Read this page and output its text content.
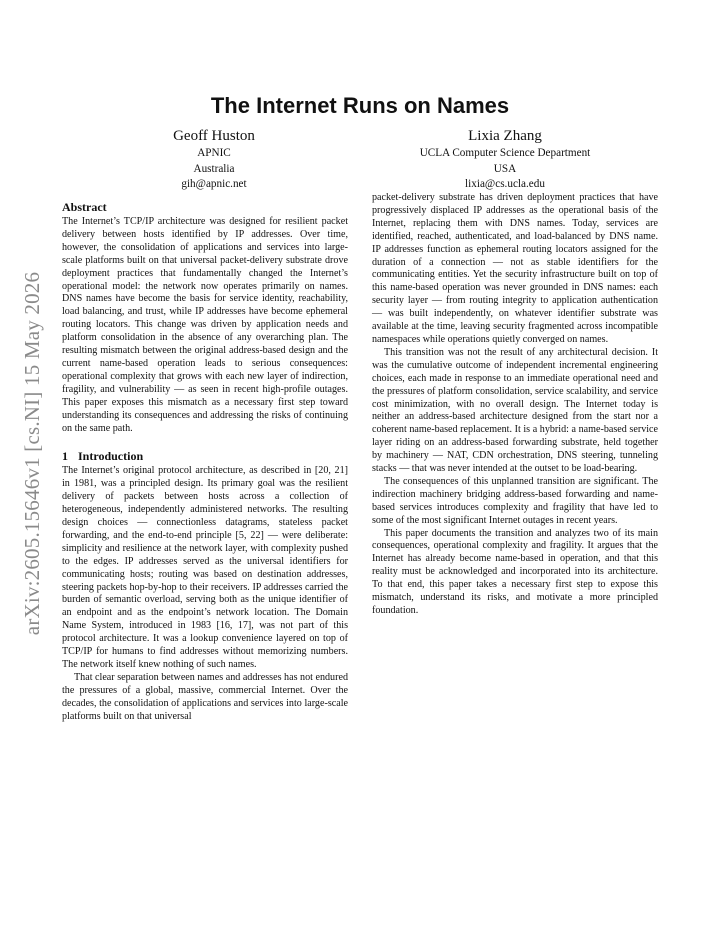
arXiv:2605.15646v1 [cs.NI] 15 May 2026
The Internet Runs on Names
Geoff Huston
APNIC
Australia
gih@apnic.net
Lixia Zhang
UCLA Computer Science Department
USA
lixia@cs.ucla.edu
Abstract

The Internet’s TCP/IP architecture was designed for resilient packet delivery between hosts identified by IP addresses. Over time, however, the consolidation of applications and services into large-scale platforms built on that universal packet-delivery substrate drove deployment practices that fundamentally changed the Internet’s operational model: the network now operates primarily on names. DNS names have become the basis for service identity, reachability, load balancing, and trust, while IP addresses have become ephemeral routing locators. This change was driven by application needs and platform consolidation in the absence of any overarching plan. The resulting mismatch between the original address-based design and the current name-based operation leads to serious consequences: operational complexity that grows with each new layer of indirection, fragility, and vulnerability — as seen in recent high-profile outages. This paper exposes this mismatch as a necessary first step toward understanding its consequences and addressing the risks of continuing on the same path.

1 Introduction

The Internet’s original protocol architecture, as described in [20, 21] in 1981, was a principled design. Its primary goal was the resilient delivery of packets between hosts across a collection of heterogeneous, independently administered networks. The resulting design choices — connectionless datagrams, stateless packet forwarding, and the end-to-end principle [5, 22] — were deliberate: simplicity and resilience at the network layer, with complexity pushed to the edges. IP addresses served as the universal identifiers for communicating hosts; routing was based on destination addresses, steering packets hop-by-hop to their receivers. IP addresses carried the burden of semantic overload, serving both as the unique identifier of an endpoint and as the endpoint’s network location. The Domain Name System, introduced in 1983 [16, 17], was not part of this protocol architecture. It was a lookup convenience layered on top of TCP/IP for humans to find addresses without memorizing numbers. The network itself knew nothing of such names.

That clear separation between names and addresses has not endured the pressures of a global, massive, commercial Internet. Over the decades, the consolidation of applications and services into large-scale platforms built on that universal

packet-delivery substrate has driven deployment practices that have progressively displaced IP addresses as the operational basis of the Internet, replacing them with DNS names. Today, services are identified, reached, authenticated, and load-balanced by DNS name. IP addresses function as ephemeral routing locators assigned for the duration of a connection — not as stable identifiers for the communicating entities. Yet the security infrastructure built on top of this name-based operation was never grounded in DNS names: each security layer — from routing integrity to application authentication — was built independently, on whatever identifier substrate was available at the time, leaving security fragmented across incompatible namespaces while operations quietly converged on names.

This transition was not the result of any architectural decision. It was the cumulative outcome of independent incremental engineering choices, each made in response to an immediate operational need and the pressures of platform consolidation, service scalability, and service cost minimization, with no overall design. The Internet today is neither an address-based architecture designed from the start nor a coherent name-based replacement. It is a hybrid: a name-based service layer riding on an address-based forwarding substrate, held together by machinery — NAT, CDN orchestration, DNS steering, tunneling stacks — that was never intended at the outset to be load-bearing.

The consequences of this unplanned transition are significant. The indirection machinery bridging address-based forwarding and name-based services introduces complexity and fragility that have led to some of the most significant Internet outages in recent years.

This paper documents the transition and analyzes two of its main consequences, operational complexity and fragility. It argues that the Internet has already become name-based in operation, and that this reality must be acknowledged and incorporated into its architecture. To that end, this paper takes a necessary first step to expose this mismatch, understand its risks, and motivate a more principled foundation.
